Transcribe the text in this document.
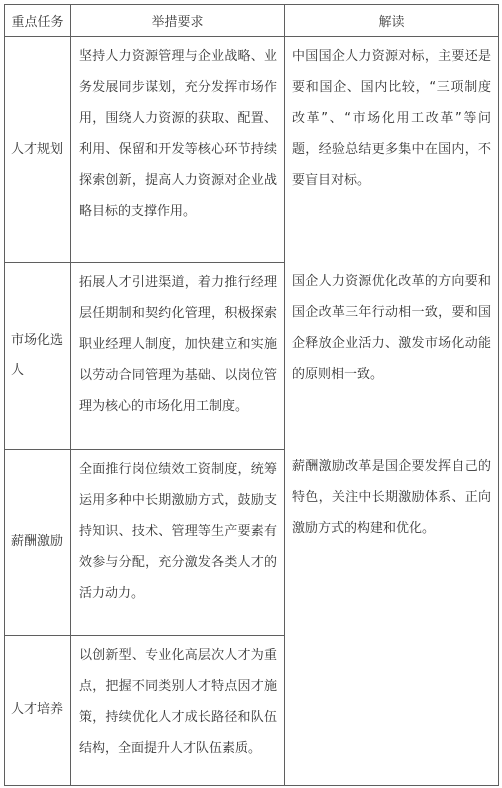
重点任务	举措要求	解读
人才规划	坚持人力资源管理与企业战略、业务发展同步谋划，充分发挥市场作用，围绕人力资源的获取、配置、利用、保留和开发等核心环节持续探索创新，提高人力资源对企业战略目标的支撑作用。	中国国企人力资源对标，主要还是要和国企、国内比较，“三项制度改革”、“市场化用工改革”等问题，经验总结更多集中在国内，不要盲目对标。
国企人力资源优化改革的方向要和国企改革三年行动相一致，要和国企释放企业活力、激发市场化动能的原则相一致。
薪酬激励改革是国企要发挥自己的特色，关注中长期激励体系、正向激励方式的构建和优化。

市场化选人	拓展人才引进渠道，着力推行经理层任期制和契约化管理，积极探索职业经理人制度，加快建立和实施以劳动合同管理为基础、以岗位管理为核心的市场化用工制度。	
薪酬激励	全面推行岗位绩效工资制度，统筹运用多种中长期激励方式，鼓励支持知识、技术、管理等生产要素有效参与分配，充分激发各类人才的活力动力。	
人才培养	以创新型、专业化高层次人才为重点，把握不同类别人才特点因才施策，持续优化人才成长路径和队伍结构，全面提升人才队伍素质。	
